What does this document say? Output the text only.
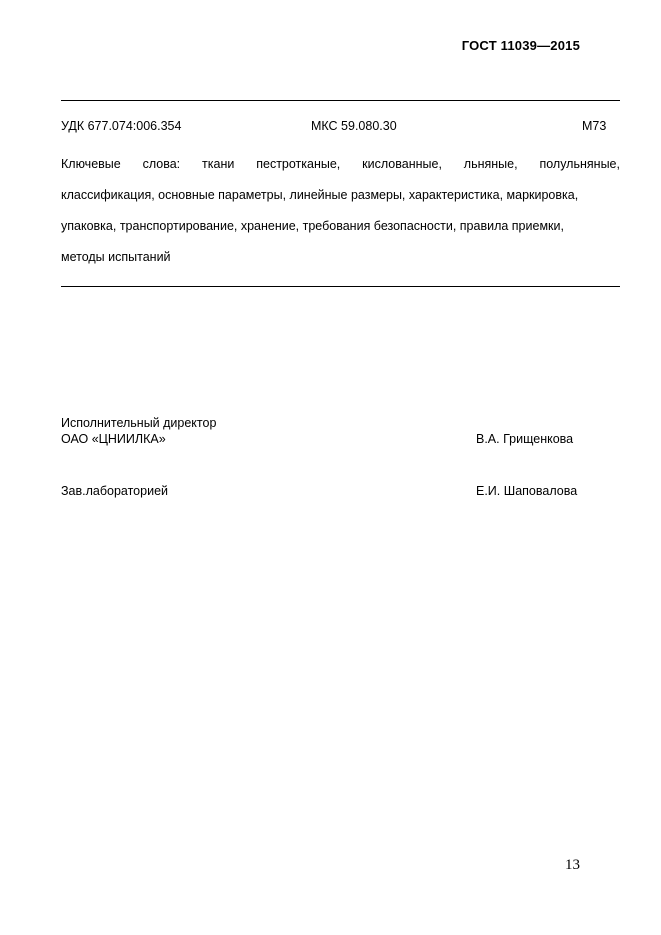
ГОСТ 11039—2015
УДК 677.074:006.354	МКС 59.080.30	М73
Ключевые слова: ткани пестротканые, кислованные, льняные, полульняные,
классификация, основные параметры, линейные размеры, характеристика, маркировка,
упаковка, транспортирование, хранение, требования безопасности, правила приемки,
методы испытаний
Исполнительный директор
ОАО «ЦНИИЛКА»	В.А. Грищенкова
Зав.лабораторией	Е.И. Шаповалова
13
